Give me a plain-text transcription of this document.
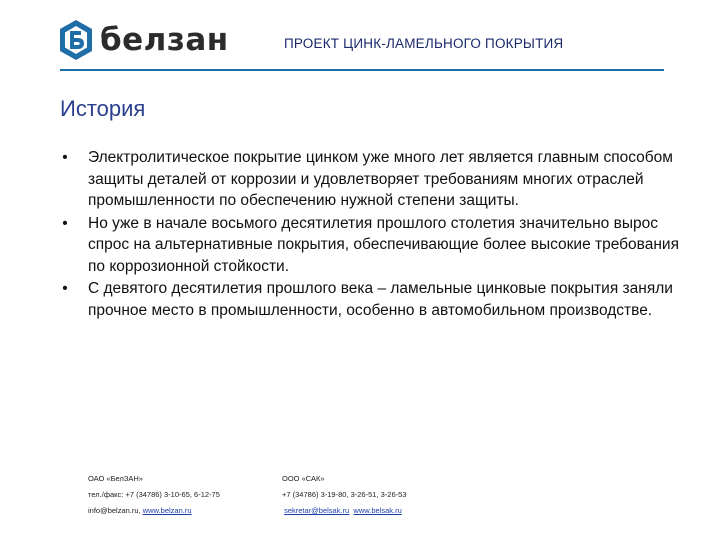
белзан	ПРОЕКТ ЦИНК-ЛАМЕЛЬНОГО ПОКРЫТИЯ
История
• Электролитическое покрытие цинком уже много лет является главным способом защиты деталей от коррозии и удовлетворяет требованиям многих отраслей промышленности по обеспечению нужной степени защиты.
• Но уже в начале восьмого десятилетия прошлого столетия значительно вырос спрос на альтернативные покрытия, обеспечивающие более высокие требования по коррозионной стойкости.
• С девятого десятилетия прошлого века – ламельные цинковые покрытия заняли прочное место в промышленности, особенно в автомобильном производстве.
ОАО «БелЗАН»
тел./факс: +7 (34786) 3-10-65, 6-12-75
info@belzan.ru, www.belzan.ru
ООО «САК»
+7 (34786) 3-19-80, 3-26-51, 3-26-53
sekretar@belsak.ru www.belsak.ru
